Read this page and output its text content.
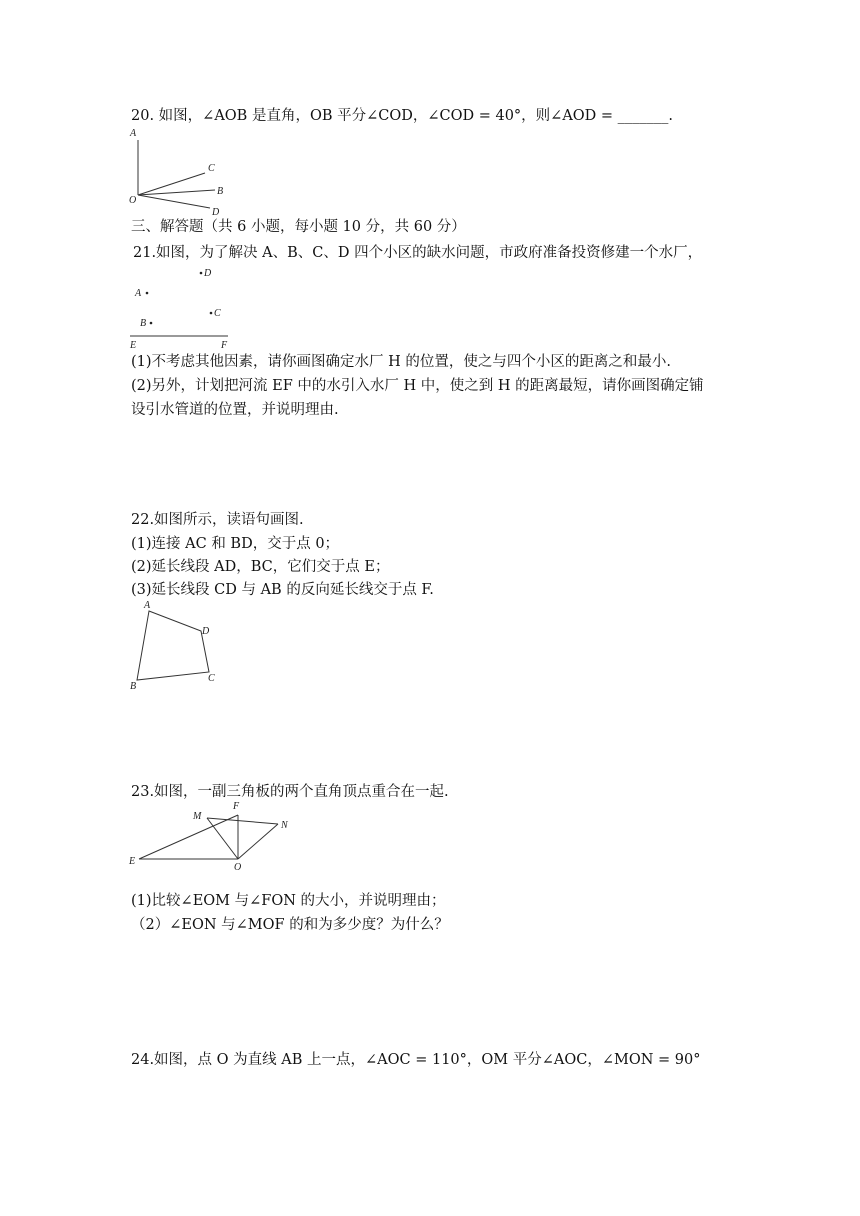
20. 如图，∠AOB 是直角，OB 平分∠COD，∠COD = 40°，则∠AOD = _______.
A
C
B
O
D
三、解答题（共 6 小题，每小题 10 分，共 60 分）
21.如图，为了解决 A、B、C、D 四个小区的缺水问题，市政府准备投资修建一个水厂，
D
A
C
B
E	F
(1)不考虑其他因素，请你画图确定水厂 H 的位置，使之与四个小区的距离之和最小.
(2)另外，计划把河流 EF 中的水引入水厂 H 中，使之到 H 的距离最短，请你画图确定铺
设引水管道的位置，并说明理由.
22.如图所示，读语句画图.
(1)连接 AC 和 BD，交于点 0；
(2)延长线段 AD，BC，它们交于点 E；
(3)延长线段 CD 与 AB 的反向延长线交于点 F.
A
D
B
C
23.如图，一副三角板的两个直角顶点重合在一起.
M
F
N
E
O
(1)比较∠EOM 与∠FON 的大小，并说明理由；
（2）∠EON 与∠MOF 的和为多少度？为什么？
24.如图，点 O 为直线 AB 上一点，∠AOC = 110°，OM 平分∠AOC，∠MON = 90°
